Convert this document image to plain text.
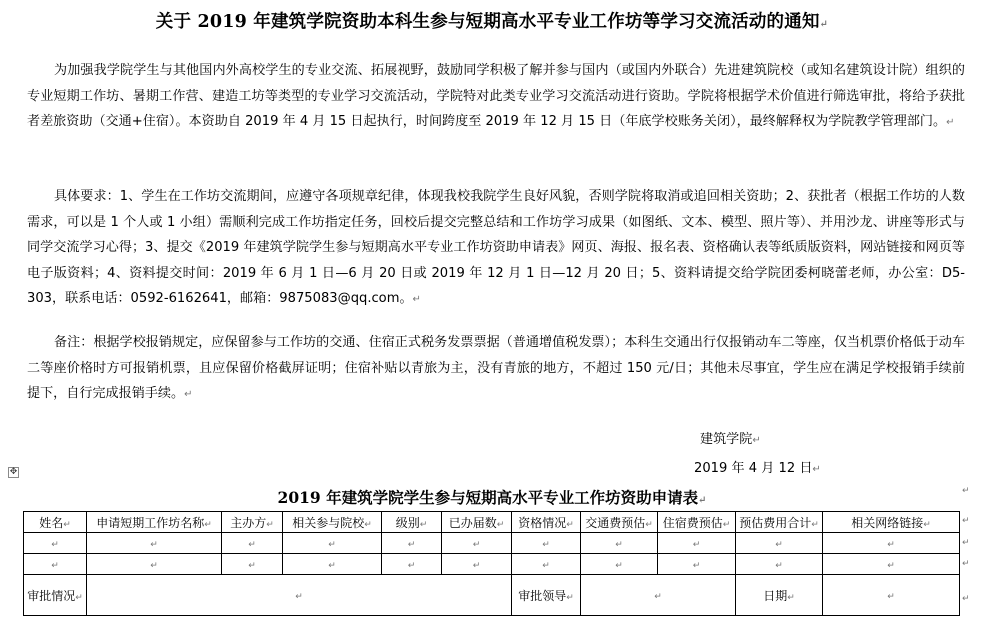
关于 2019 年建筑学院资助本科生参与短期高水平专业工作坊等学习交流活动的通知↵
为加强我学院学生与其他国内外高校学生的专业交流、拓展视野，鼓励同学积极了解并参与国内（或国内外联合）先进建筑院校（或知名建筑设计院）组织的专业短期工作坊、暑期工作营、建造工坊等类型的专业学习交流活动，学院特对此类专业学习交流活动进行资助。学院将根据学术价值进行筛选审批，将给予获批者差旅资助（交通+住宿）。本资助自 2019 年 4 月 15 日起执行，时间跨度至 2019 年 12 月 15 日（年底学校账务关闭），最终解释权为学院教学管理部门。↵
具体要求：1、学生在工作坊交流期间，应遵守各项规章纪律，体现我校我院学生良好风貌，否则学院将取消或追回相关资助；2、获批者（根据工作坊的人数需求，可以是 1 个人或 1 小组）需顺利完成工作坊指定任务，回校后提交完整总结和工作坊学习成果（如图纸、文本、模型、照片等）、并用沙龙、讲座等形式与同学交流学习心得；3、提交《2019 年建筑学院学生参与短期高水平专业工作坊资助申请表》网页、海报、报名表、资格确认表等纸质版资料，网站链接和网页等电子版资料；4、资料提交时间：2019 年 6 月 1 日—6 月 20 日或 2019 年 12 月 1 日—12 月 20 日；5、资料请提交给学院团委柯晓蕾老师，办公室：D5-303，联系电话：0592-6162641，邮箱：9875083@qq.com。↵
备注：根据学校报销规定，应保留参与工作坊的交通、住宿正式税务发票票据（普通增值税发票）；本科生交通出行仅报销动车二等座，仅当机票价格低于动车二等座价格时方可报销机票，且应保留价格截屏证明；住宿补贴以青旅为主，没有青旅的地方，不超过 150 元/日；其他未尽事宜，学生应在满足学校报销手续前提下，自行完成报销手续。↵
建筑学院↵
2019 年 4 月 12 日↵
✥
2019 年建筑学院学生参与短期高水平专业工作坊资助申请表↵
姓名↵	申请短期工作坊名称↵	主办方↵	相关参与院校↵	级别↵	已办届数↵	资格情况↵	交通费预估↵	住宿费预估↵	预估费用合计↵	相关网络链接↵
↵	↵	↵	↵	↵	↵	↵	↵	↵	↵	↵
↵	↵	↵	↵	↵	↵	↵	↵	↵	↵	↵
审批情况↵	↵					审批领导↵	↵		日期↵	↵
↵
↵
↵
↵
↵
